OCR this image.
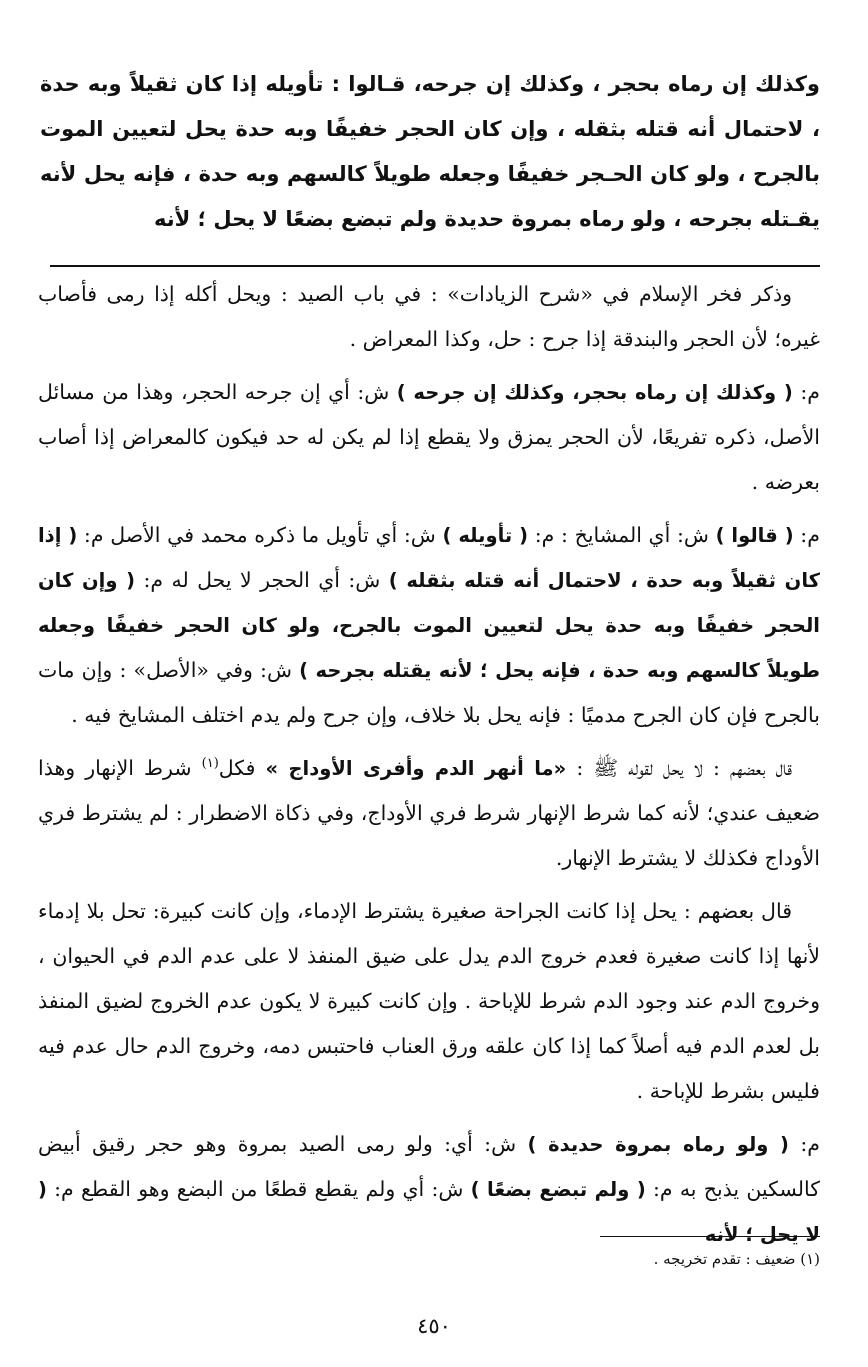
وكذلك إن رماه بحجر ، وكذلك إن جرحه، قـالوا : تأويله إذا كان ثقيلاً وبه حدة ، لاحتمال أنه قتله بثقله ، وإن كان الحجر خفيفًا وبه حدة يحل لتعيين الموت بالجرح ، ولو كان الحـجر خفيفًا وجعله طويلاً كالسهم وبه حدة ، فإنه يحل لأنه يقـتله بجرحه ، ولو رماه بمروة حديدة ولم تبضع بضعًا لا يحل ؛ لأنه

وذكر فخر الإسلام في «شرح الزيادات» : في باب الصيد : ويحل أكله إذا رمى فأصاب غيره؛ لأن الحجر والبندقة إذا جرح : حل، وكذا المعراض .

م: ( وكذلك إن رماه بحجر، وكذلك إن جرحه ) ش: أي إن جرحه الحجر، وهذا من مسائل الأصل، ذكره تفريعًا، لأن الحجر يمزق ولا يقطع إذا لم يكن له حد فيكون كالمعراض إذا أصاب بعرضه .

م: ( قالوا ) ش: أي المشايخ : م: ( تأويله ) ش: أي تأويل ما ذكره محمد في الأصل م: ( إذا كان ثقيلاً وبه حدة ، لاحتمال أنه قتله بثقله ) ش: أي الحجر لا يحل له م: ( وإن كان الحجر خفيفًا وبه حدة يحل لتعيين الموت بالجرح، ولو كان الحجر خفيفًا وجعله طويلاً كالسهم وبه حدة ، فإنه يحل ؛ لأنه يقتله بجرحه ) ش: وفي «الأصل» : وإن مات بالجرح فإن كان الجرح مدميًا : فإنه يحل بلا خلاف، وإن جرح ولم يدم اختلف المشايخ فيه .

قال بعضهم : لا يحل لقوله ﷺ : «ما أنهر الدم وأفرى الأوداج » فكل$^{(١)}$ شرط الإنهار وهذا ضعيف عندي؛ لأنه كما شرط الإنهار شرط فري الأوداج، وفي ذكاة الاضطرار : لم يشترط فري الأوداج فكذلك لا يشترط الإنهار.

قال بعضهم : يحل إذا كانت الجراحة صغيرة يشترط الإدماء، وإن كانت كبيرة: تحل بلا إدماء لأنها إذا كانت صغيرة فعدم خروج الدم يدل على ضيق المنفذ لا على عدم الدم في الحيوان ، وخروج الدم عند وجود الدم شرط للإباحة . وإن كانت كبيرة لا يكون عدم الخروج لضيق المنفذ بل لعدم الدم فيه أصلاً كما إذا كان علقه ورق العناب فاحتبس دمه، وخروج الدم حال عدم فيه فليس بشرط للإباحة .

م: ( ولو رماه بمروة حديدة ) ش: أي: ولو رمى الصيد بمروة وهو حجر رقيق أبيض كالسكين يذبح به م: ( ولم تبضع بضعًا ) ش: أي ولم يقطع قطعًا من البضع وهو القطع م: ( لا يحل ؛ لأنه

(١) ضعيف : تقدم تخريجه .
٤٥٠
